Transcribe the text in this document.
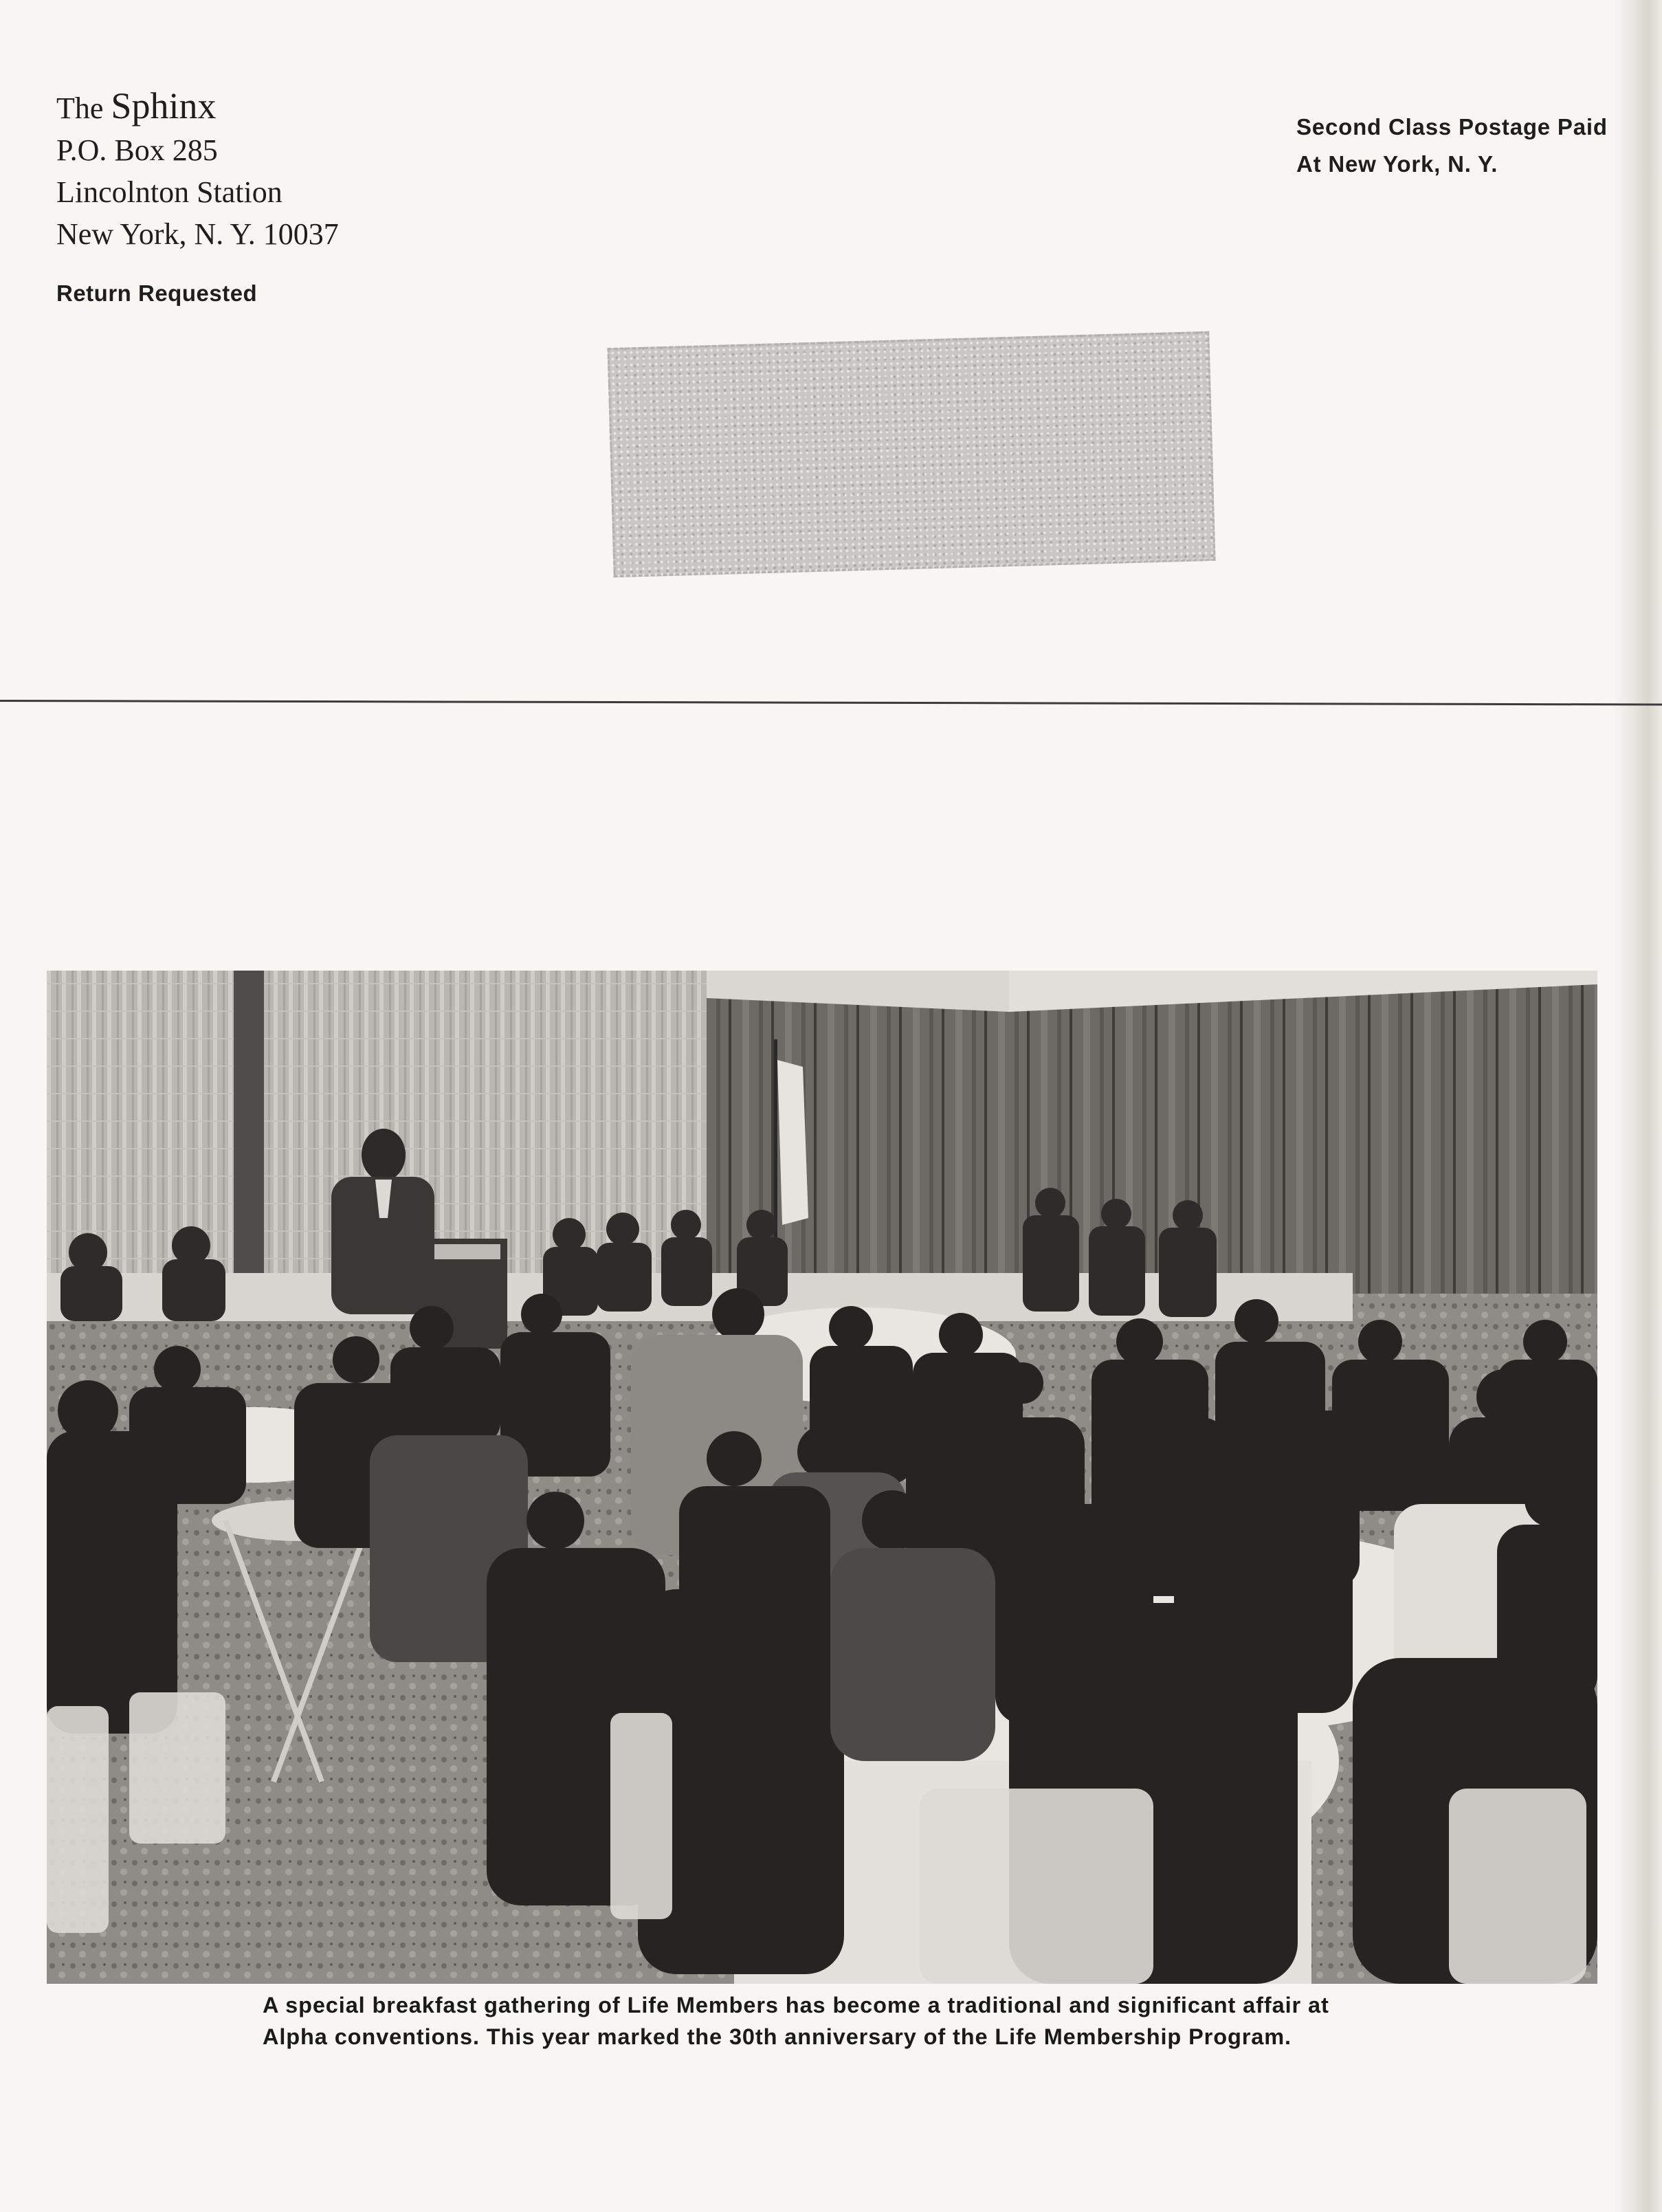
The Sphinx
P.O. Box 285
Lincolnton Station
New York, N. Y. 10037
Return Requested
Second Class Postage Paid
At New York, N. Y.
A special breakfast gathering of Life Members has become a traditional and significant affair at
Alpha conventions. This year marked the 30th anniversary of the Life Membership Program.
